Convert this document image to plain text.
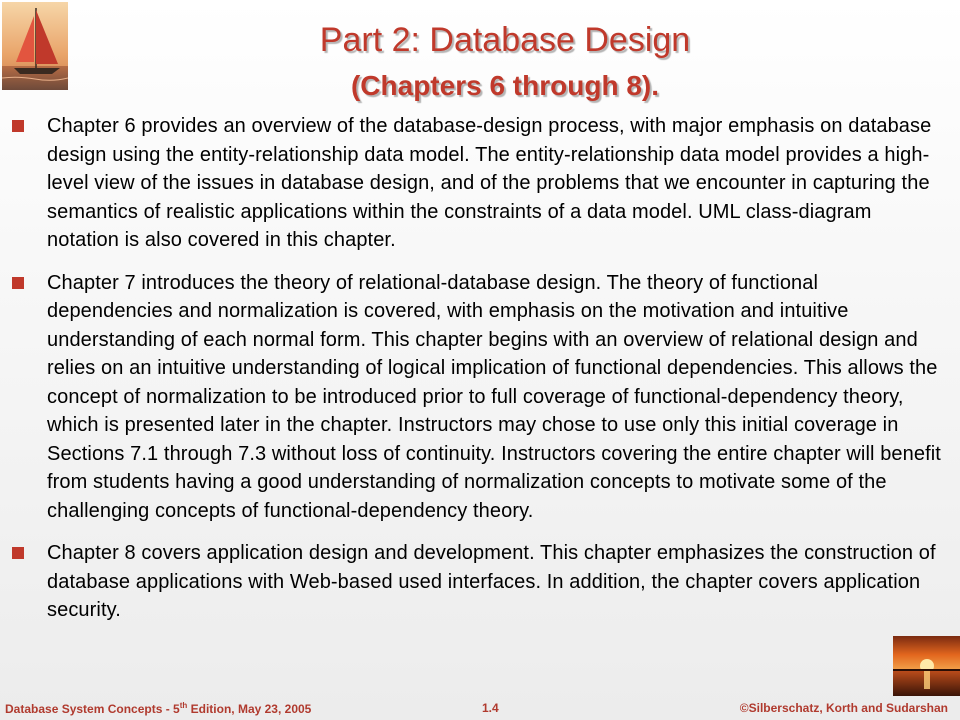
Part 2: Database Design
(Chapters 6 through 8).
Chapter 6 provides an overview of the database-design process, with major emphasis on database design using the entity-relationship data model. The entity-relationship data model provides a high-level view of the issues in database design, and of the problems that we encounter in capturing the semantics of realistic applications within the constraints of a data model. UML class-diagram notation is also covered in this chapter.
Chapter 7 introduces the theory of relational-database design. The theory of functional dependencies and normalization is covered, with emphasis on the motivation and intuitive understanding of each normal form. This chapter begins with an overview of relational design and relies on an intuitive understanding of logical implication of functional dependencies. This allows the concept of normalization to be introduced prior to full coverage of functional-dependency theory, which is presented later in the chapter. Instructors may chose to use only this initial coverage in Sections 7.1 through 7.3 without loss of continuity. Instructors covering the entire chapter will benefit from students having a good understanding of normalization concepts to motivate some of the challenging concepts of functional-dependency theory.
Chapter 8 covers application design and development. This chapter emphasizes the construction of database applications with Web-based used interfaces. In addition, the chapter covers application security.
Database System Concepts - 5th Edition, May 23, 2005	1.4	©Silberschatz, Korth and Sudarshan
